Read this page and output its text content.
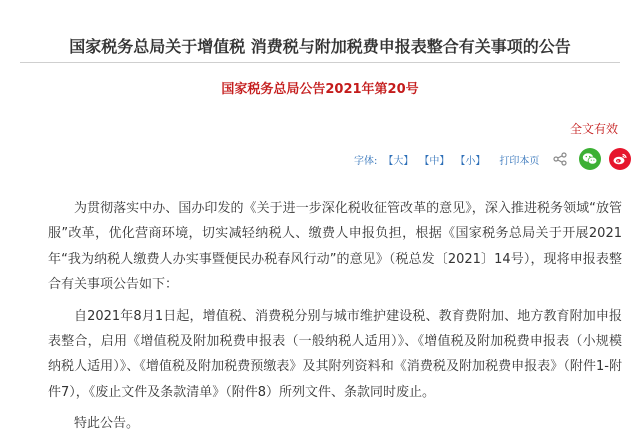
国家税务总局关于增值税 消费税与附加税费申报表整合有关事项的公告
国家税务总局公告2021年第20号
全文有效
字体: 【大】 【中】 【小】 打印本页

为贯彻落实中办、国办印发的《关于进一步深化税收征管改革的意见》，深入推进税务领域“放管服”改革，优化营商环境，切实减轻纳税人、缴费人申报负担，根据《国家税务总局关于开展2021年“我为纳税人缴费人办实事暨便民办税春风行动”的意见》（税总发〔2021〕14号），现将申报表整合有关事项公告如下：

自2021年8月1日起，增值税、消费税分别与城市维护建设税、教育费附加、地方教育附加申报表整合，启用《增值税及附加税费申报表（一般纳税人适用）》、《增值税及附加税费申报表（小规模纳税人适用）》、《增值税及附加税费预缴表》及其附列资料和《消费税及附加税费申报表》（附件1-附件7），《废止文件及条款清单》（附件8）所列文件、条款同时废止。

特此公告。
